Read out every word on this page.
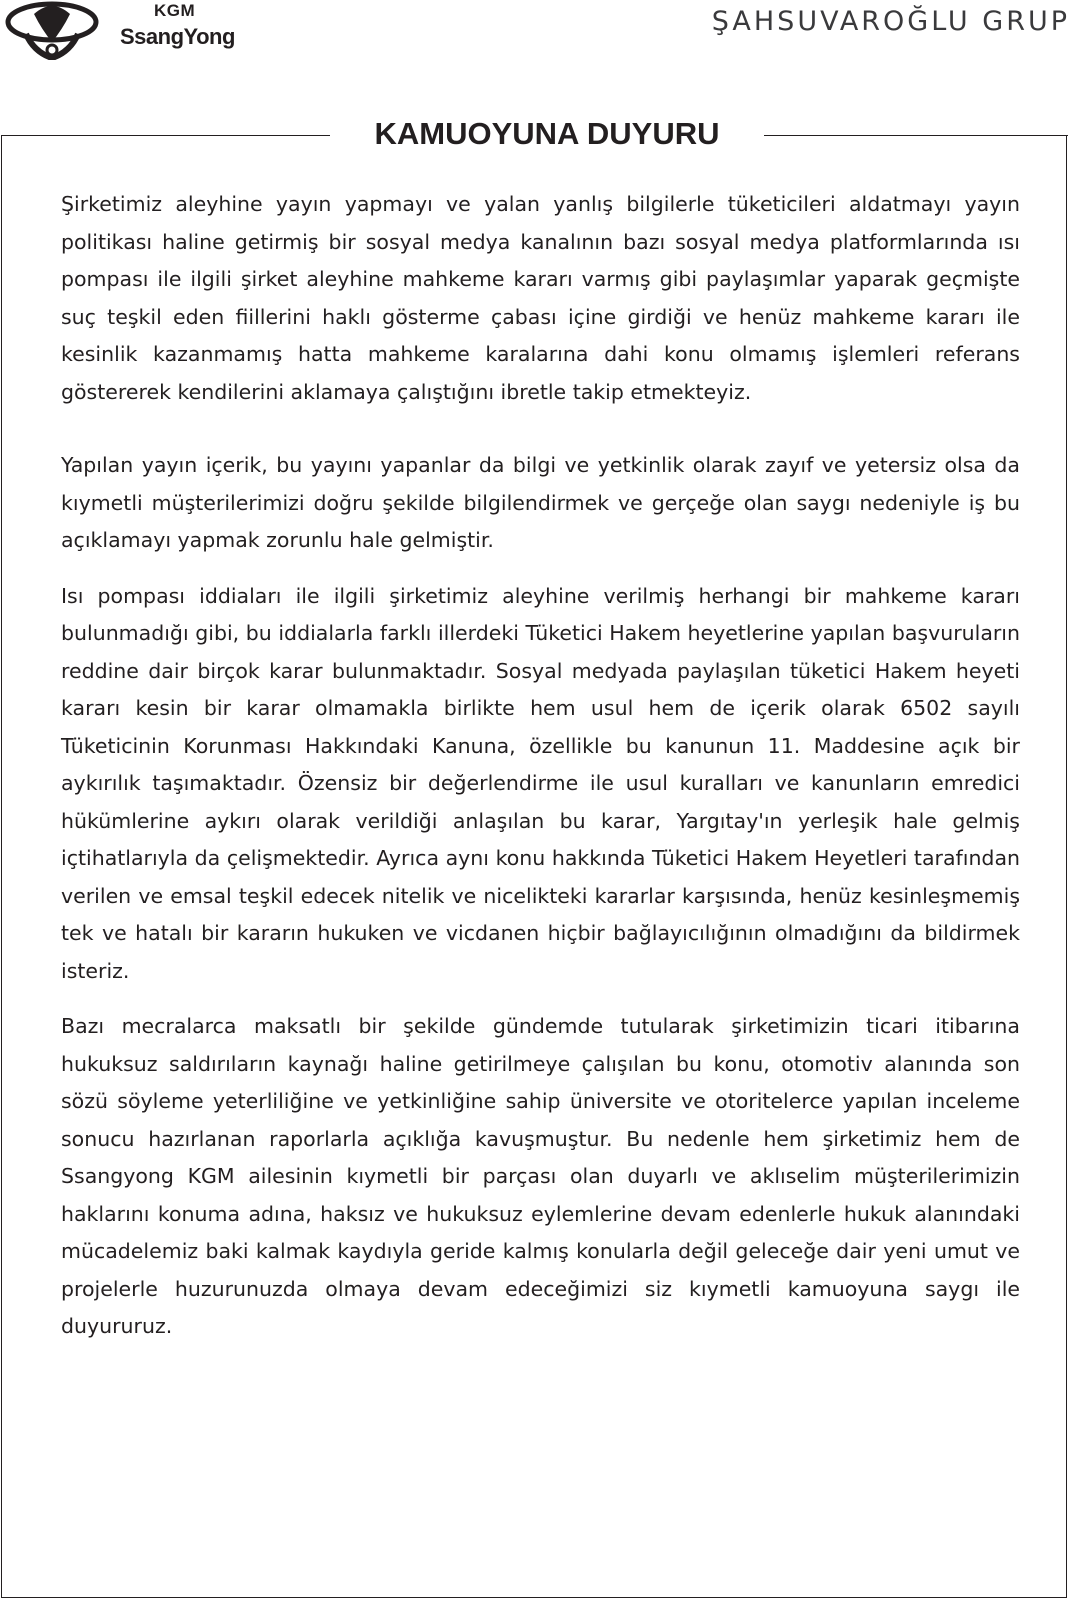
KGM
SsangYong	ŞAHSUVAROĞLU GRUP
KAMUOYUNA DUYURU

Şirketimiz aleyhine yayın yapmayı ve yalan yanlış bilgilerle tüketicileri aldatmayı yayın politikası haline getirmiş bir sosyal medya kanalının bazı sosyal medya platformlarında ısı pompası ile ilgili şirket aleyhine mahkeme kararı varmış gibi paylaşımlar yaparak geçmişte suç teşkil eden fiillerini haklı gösterme çabası içine girdiği ve henüz mahkeme kararı ile kesinlik kazanmamış hatta mahkeme karalarına dahi konu olmamış işlemleri referans göstererek kendilerini aklamaya çalıştığını ibretle takip etmekteyiz.

Yapılan yayın içerik, bu yayını yapanlar da bilgi ve yetkinlik olarak zayıf ve yetersiz olsa da kıymetli müşterilerimizi doğru şekilde bilgilendirmek ve gerçeğe olan saygı nedeniyle iş bu açıklamayı yapmak zorunlu hale gelmiştir.

Isı pompası iddiaları ile ilgili şirketimiz aleyhine verilmiş herhangi bir mahkeme kararı bulunmadığı gibi, bu iddialarla farklı illerdeki Tüketici Hakem heyetlerine yapılan başvuruların reddine dair birçok karar bulunmaktadır. Sosyal medyada paylaşılan tüketici Hakem heyeti kararı kesin bir karar olmamakla birlikte hem usul hem de içerik olarak 6502 sayılı Tüketicinin Korunması Hakkındaki Kanuna, özellikle bu kanunun 11. Maddesine açık bir aykırılık taşımaktadır. Özensiz bir değerlendirme ile usul kuralları ve kanunların emredici hükümlerine aykırı olarak verildiği anlaşılan bu karar, Yargıtay'ın yerleşik hale gelmiş içtihatlarıyla da çelişmektedir. Ayrıca aynı konu hakkında Tüketici Hakem Heyetleri tarafından verilen ve emsal teşkil edecek nitelik ve nicelikteki kararlar karşısında, henüz kesinleşmemiş tek ve hatalı bir kararın hukuken ve vicdanen hiçbir bağlayıcılığının olmadığını da bildirmek isteriz.

Bazı mecralarca maksatlı bir şekilde gündemde tutularak şirketimizin ticari itibarına hukuksuz saldırıların kaynağı haline getirilmeye çalışılan bu konu, otomotiv alanında son sözü söyleme yeterliliğine ve yetkinliğine sahip üniversite ve otoritelerce yapılan inceleme sonucu hazırlanan raporlarla açıklığa kavuşmuştur. Bu nedenle hem şirketimiz hem de Ssangyong KGM ailesinin kıymetli bir parçası olan duyarlı ve aklıselim müşterilerimizin haklarını konuma adına, haksız ve hukuksuz eylemlerine devam edenlerle hukuk alanındaki mücadelemiz baki kalmak kaydıyla geride kalmış konularla değil geleceğe dair yeni umut ve projelerle huzurunuzda olmaya devam edeceğimizi siz kıymetli kamuoyuna saygı ile duyururuz.
